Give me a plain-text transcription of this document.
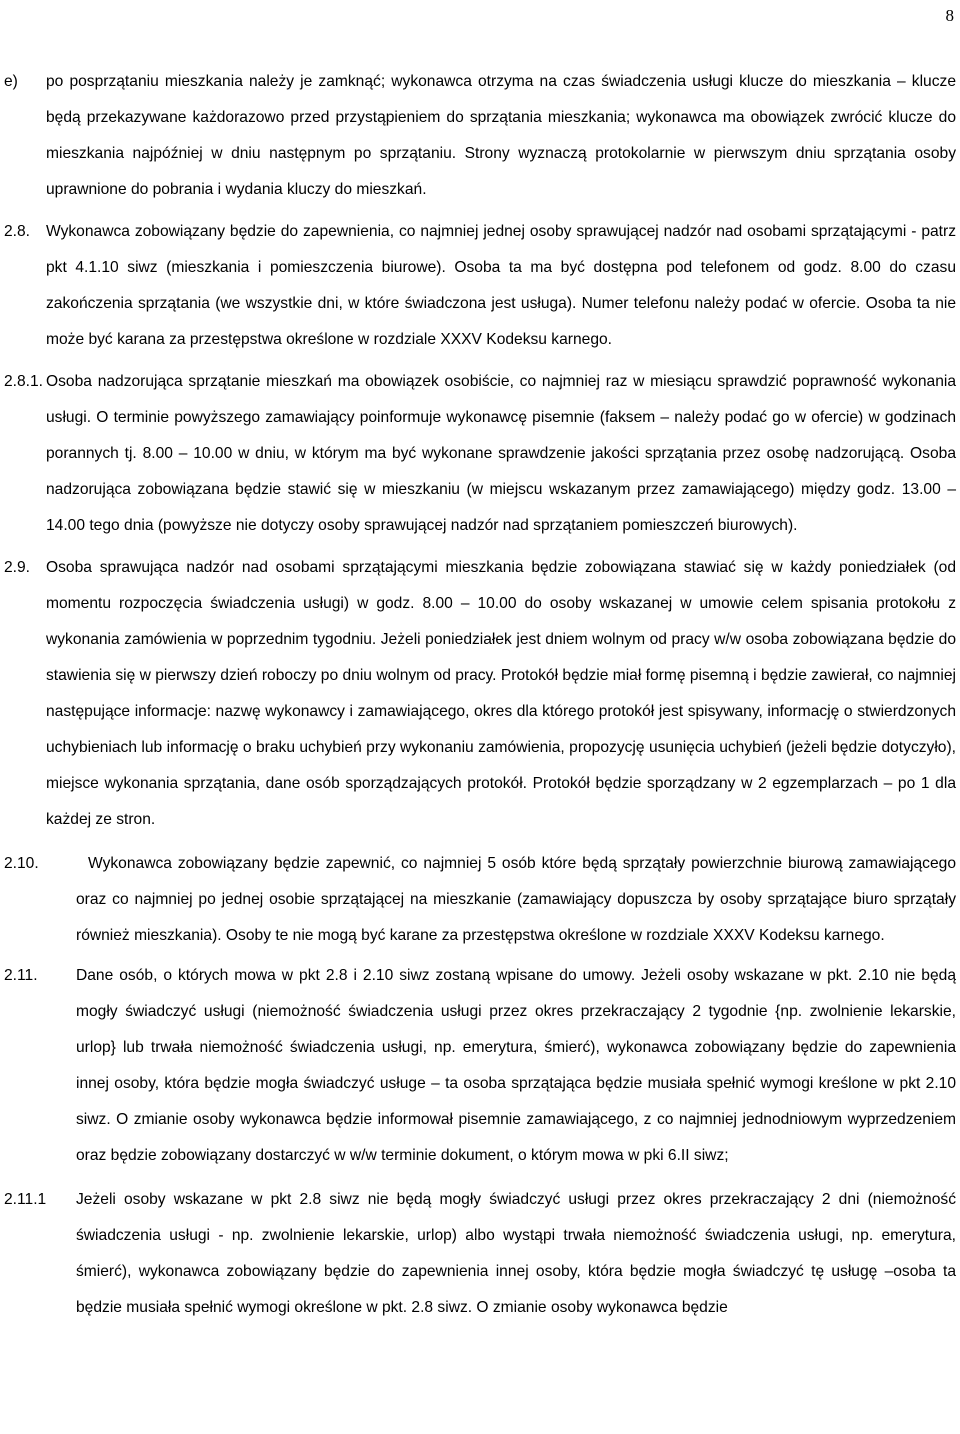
8

e) po posprzątaniu mieszkania należy je zamknąć; wykonawca otrzyma na czas świadczenia usługi klucze do mieszkania – klucze będą przekazywane każdorazowo przed przystąpieniem do sprzątania mieszkania; wykonawca ma obowiązek zwrócić klucze do mieszkania najpóźniej w dniu następnym po sprzątaniu. Strony wyznaczą protokolarnie w pierwszym dniu sprzątania osoby uprawnione do pobrania i wydania kluczy do mieszkań.

2.8. Wykonawca zobowiązany będzie do zapewnienia, co najmniej jednej osoby sprawującej nadzór nad osobami sprzątającymi - patrz pkt 4.1.10 siwz (mieszkania i pomieszczenia biurowe). Osoba ta ma być dostępna pod telefonem od godz. 8.00 do czasu zakończenia sprzątania (we wszystkie dni, w które świadczona jest usługa). Numer telefonu należy podać w ofercie. Osoba ta nie może być karana za przestępstwa określone w rozdziale XXXV Kodeksu karnego.

2.8.1. Osoba nadzorująca sprzątanie mieszkań ma obowiązek osobiście, co najmniej raz w miesiącu sprawdzić poprawność wykonania usługi. O terminie powyższego zamawiający poinformuje wykonawcę pisemnie (faksem – należy podać go w ofercie) w godzinach porannych tj. 8.00 – 10.00 w dniu, w którym ma być wykonane sprawdzenie jakości sprzątania przez osobę nadzorującą. Osoba nadzorująca zobowiązana będzie stawić się w mieszkaniu (w miejscu wskazanym przez zamawiającego) między godz. 13.00 – 14.00 tego dnia (powyższe nie dotyczy osoby sprawującej nadzór nad sprzątaniem pomieszczeń biurowych).

2.9. Osoba sprawująca nadzór nad osobami sprzątającymi mieszkania będzie zobowiązana stawiać się w każdy poniedziałek (od momentu rozpoczęcia świadczenia usługi) w godz. 8.00 – 10.00 do osoby wskazanej w umowie celem spisania protokołu z wykonania zamówienia w poprzednim tygodniu. Jeżeli poniedziałek jest dniem wolnym od pracy w/w osoba zobowiązana będzie do stawienia się w pierwszy dzień roboczy po dniu wolnym od pracy. Protokół będzie miał formę pisemną i będzie zawierał, co najmniej następujące informacje: nazwę wykonawcy i zamawiającego, okres dla którego protokół jest spisywany, informację o stwierdzonych uchybieniach lub informację o braku uchybień przy wykonaniu zamówienia, propozycję usunięcia uchybień (jeżeli będzie dotyczyło), miejsce wykonania sprzątania, dane osób sporządzających protokół. Protokół będzie sporządzany w 2 egzemplarzach – po 1 dla każdej ze stron.

2.10.	Wykonawca zobowiązany będzie zapewnić, co najmniej 5 osób które będą sprzątały powierzchnie biurową zamawiającego oraz co najmniej po jednej osobie sprzątającej na mieszkanie (zamawiający dopuszcza by osoby sprzątające biuro sprzątały również mieszkania). Osoby te nie mogą być karane za przestępstwa określone w rozdziale XXXV Kodeksu karnego.

2.11. Dane osób, o których mowa w pkt 2.8 i 2.10 siwz zostaną wpisane do umowy. Jeżeli osoby wskazane w pkt. 2.10 nie będą mogły świadczyć usługi (niemożność świadczenia usługi przez okres przekraczający 2 tygodnie {np. zwolnienie lekarskie, urlop} lub trwała niemożność świadczenia usługi, np. emerytura, śmierć), wykonawca zobowiązany będzie do zapewnienia innej osoby, która będzie mogła świadczyć usługe – ta osoba sprzątająca będzie musiała spełnić wymogi kreślone w pkt 2.10 siwz. O zmianie osoby wykonawca będzie informował pisemnie zamawiającego, z co najmniej jednodniowym wyprzedzeniem oraz będzie zobowiązany dostarczyć w w/w terminie dokument, o którym mowa w pki 6.II siwz;

2.11.1 Jeżeli osoby wskazane w pkt 2.8 siwz nie będą mogły świadczyć usługi przez okres przekraczający 2 dni (niemożność świadczenia usługi - np. zwolnienie lekarskie, urlop) albo wystąpi trwała niemożność świadczenia usługi, np. emerytura, śmierć), wykonawca zobowiązany będzie do zapewnienia innej osoby, która będzie mogła świadczyć tę usługę –osoba ta będzie musiała spełnić wymogi określone w pkt. 2.8 siwz. O zmianie osoby wykonawca będzie
